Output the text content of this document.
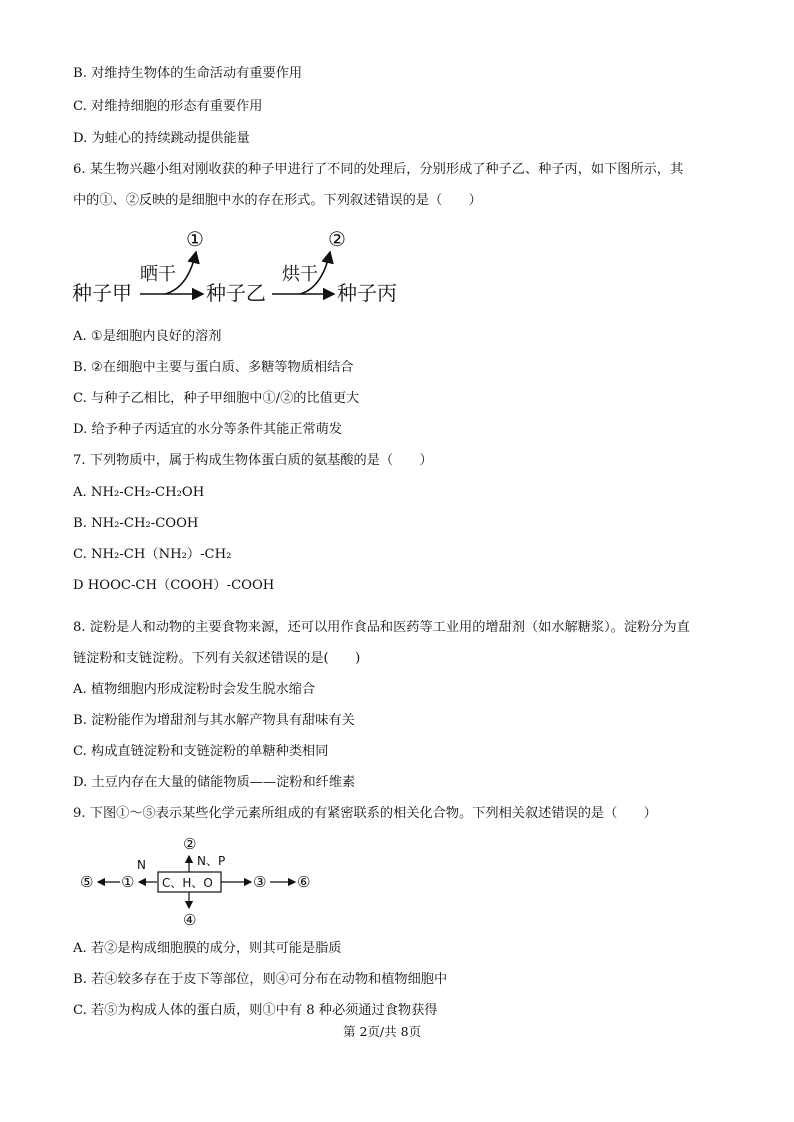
B. 对维持生物体的生命活动有重要作用
C. 对维持细胞的形态有重要作用
D. 为蛙心的持续跳动提供能量
6. 某生物兴趣小组对刚收获的种子甲进行了不同的处理后，分别形成了种子乙、种子丙，如下图所示，其
中的①、②反映的是细胞中水的存在形式。下列叙述错误的是（　　）
种子甲
晒干
①
种子乙
烘干
②
种子丙
A. ①是细胞内良好的溶剂
B. ②在细胞中主要与蛋白质、多糖等物质相结合
C. 与种子乙相比，种子甲细胞中①/②的比值更大
D. 给予种子丙适宜的水分等条件其能正常萌发
7. 下列物质中，属于构成生物体蛋白质的氨基酸的是（　　）
A. NH₂-CH₂-CH₂OH
B. NH₂-CH₂-COOH
C. NH₂-CH（NH₂）-CH₂
D HOOC-CH（COOH）-COOH
8. 淀粉是人和动物的主要食物来源，还可以用作食品和医药等工业用的增甜剂（如水解糖浆）。淀粉分为直
链淀粉和支链淀粉。下列有关叙述错误的是(　　)
A. 植物细胞内形成淀粉时会发生脱水缩合
B. 淀粉能作为增甜剂与其水解产物具有甜味有关
C. 构成直链淀粉和支链淀粉的单糖种类相同
D. 土豆内存在大量的储能物质——淀粉和纤维素
9. 下图①～⑤表示某些化学元素所组成的有紧密联系的相关化合物。下列相关叙述错误的是（　　）
⑤ ①
N
C、H、O
②
N、P
④
③ ⑥
A. 若②是构成细胞膜的成分，则其可能是脂质
B. 若④较多存在于皮下等部位，则④可分布在动物和植物细胞中
C. 若⑤为构成人体的蛋白质，则①中有 8 种必须通过食物获得
第 2页/共 8页
